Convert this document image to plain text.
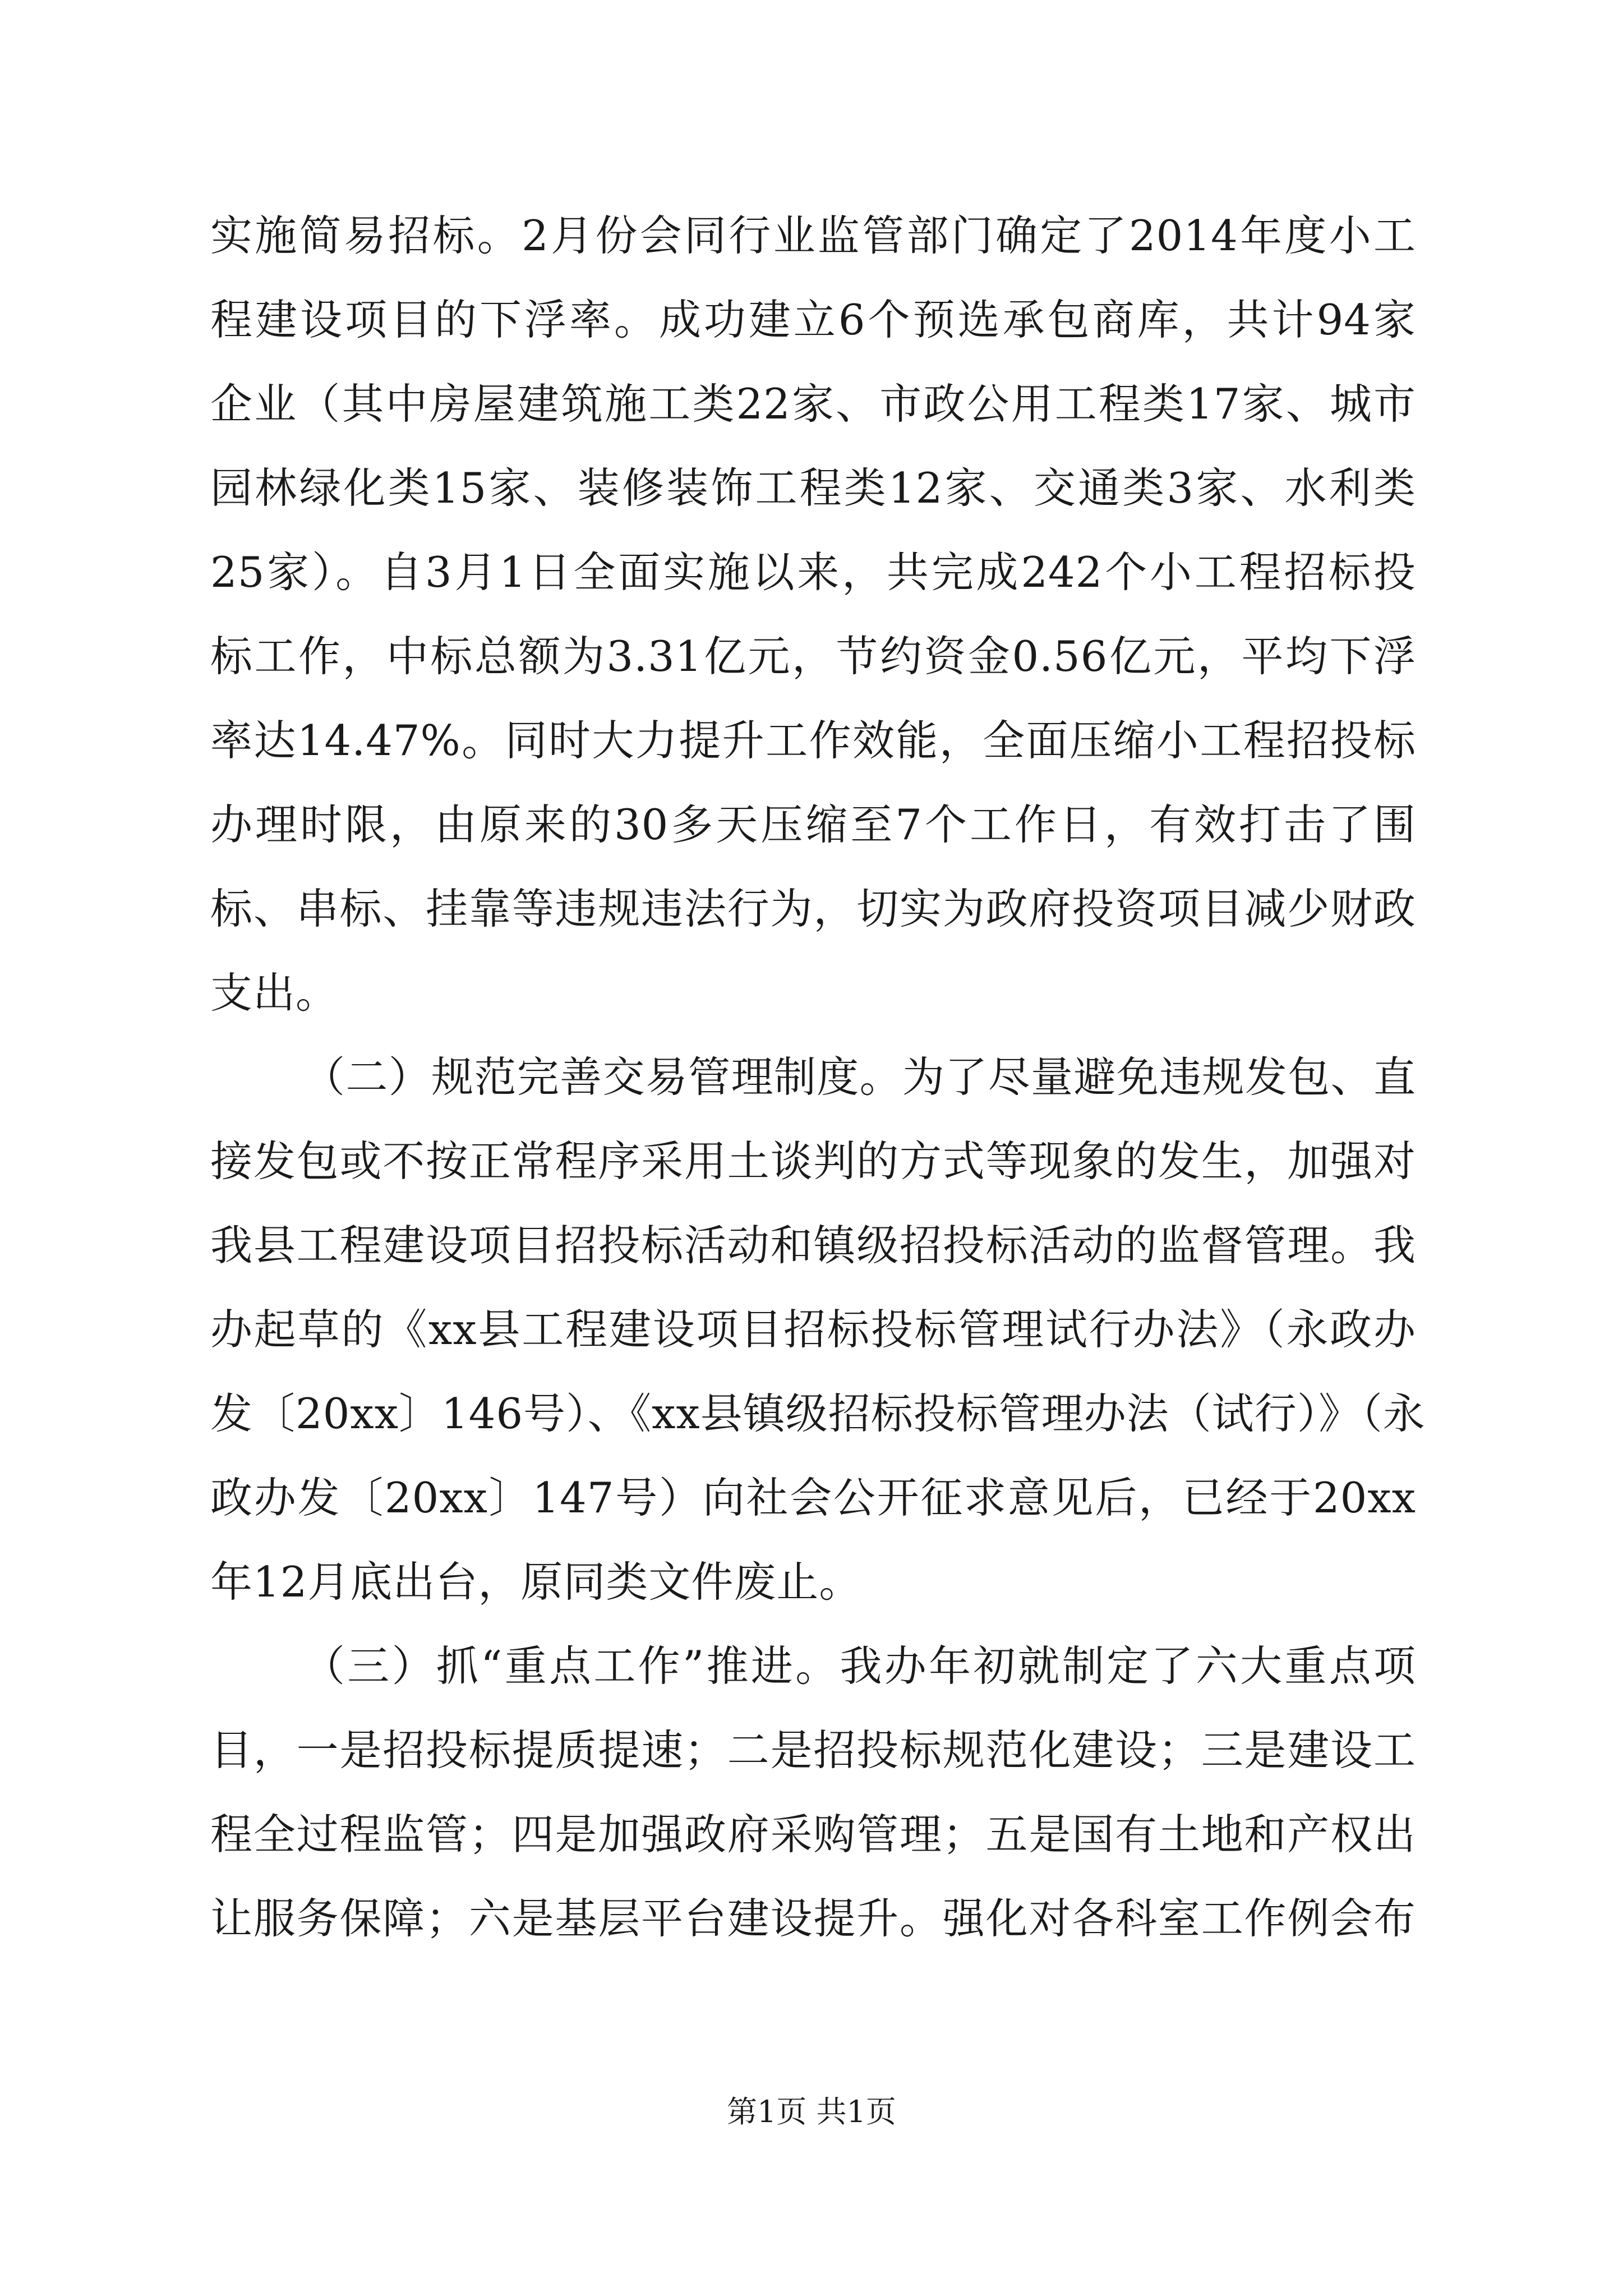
实施简易招标。2月份会同行业监管部门确定了2014年度小工
程建设项目的下浮率。成功建立6个预选承包商库，共计94家
企业（其中房屋建筑施工类22家、市政公用工程类17家、城市
园林绿化类15家、装修装饰工程类12家、交通类3家、水利类
25家）。自3月1日全面实施以来，共完成242个小工程招标投
标工作，中标总额为3.31亿元，节约资金0.56亿元，平均下浮
率达14.47%。同时大力提升工作效能，全面压缩小工程招投标
办理时限，由原来的30多天压缩至7个工作日，有效打击了围
标、串标、挂靠等违规违法行为，切实为政府投资项目减少财政
支出。
（二）规范完善交易管理制度。为了尽量避免违规发包、直
接发包或不按正常程序采用土谈判的方式等现象的发生，加强对
我县工程建设项目招投标活动和镇级招投标活动的监督管理。我
办起草的《xx县工程建设项目招标投标管理试行办法》（永政办
发〔20xx〕146号）、《xx县镇级招标投标管理办法（试行）》（永
政办发〔20xx〕147号）向社会公开征求意见后，已经于20xx
年12月底出台，原同类文件废止。
（三）抓“重点工作”推进。我办年初就制定了六大重点项
目，一是招投标提质提速；二是招投标规范化建设；三是建设工
程全过程监管；四是加强政府采购管理；五是国有土地和产权出
让服务保障；六是基层平台建设提升。强化对各科室工作例会布
第1页 共1页
